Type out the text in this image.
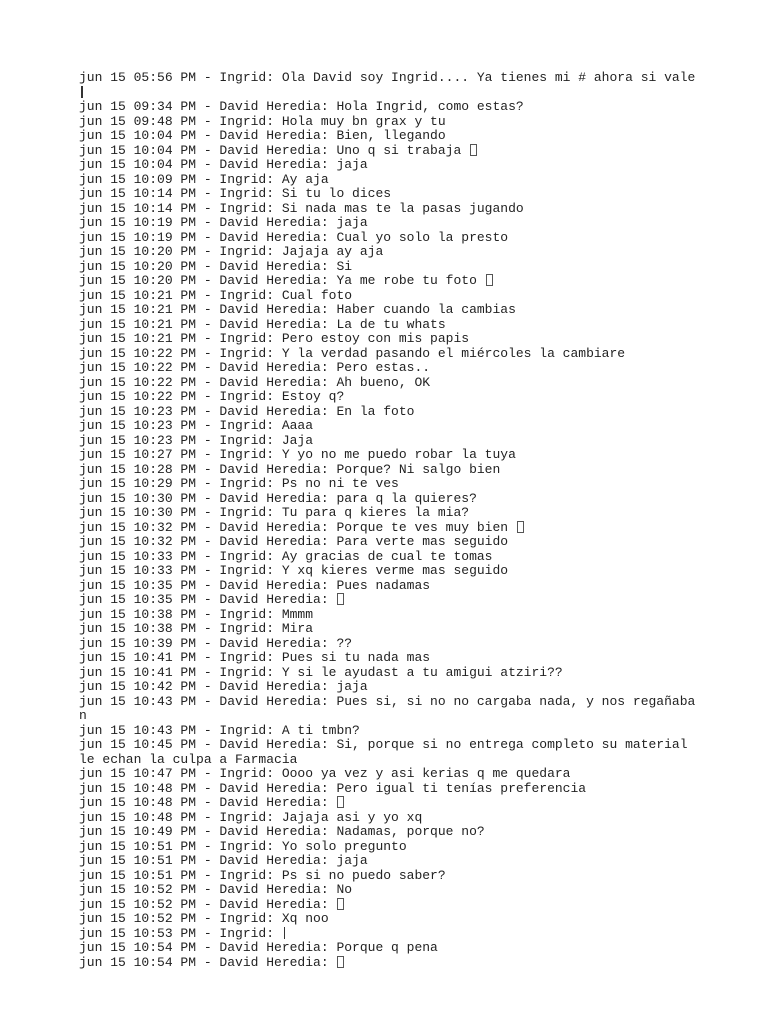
jun 15 05:56 PM - Ingrid: Ola David soy Ingrid.... Ya tienes mi # ahora si vale
jun 15 09:34 PM - David Heredia: Hola Ingrid, como estas?
jun 15 09:48 PM - Ingrid: Hola muy bn grax y tu
jun 15 10:04 PM - David Heredia: Bien, llegando
jun 15 10:04 PM - David Heredia: Uno q si trabaja
jun 15 10:04 PM - David Heredia: jaja
jun 15 10:09 PM - Ingrid: Ay aja
jun 15 10:14 PM - Ingrid: Si tu lo dices
jun 15 10:14 PM - Ingrid: Si nada mas te la pasas jugando
jun 15 10:19 PM - David Heredia: jaja
jun 15 10:19 PM - David Heredia: Cual yo solo la presto
jun 15 10:20 PM - Ingrid: Jajaja ay aja
jun 15 10:20 PM - David Heredia: Si
jun 15 10:20 PM - David Heredia: Ya me robe tu foto
jun 15 10:21 PM - Ingrid: Cual foto
jun 15 10:21 PM - David Heredia: Haber cuando la cambias
jun 15 10:21 PM - David Heredia: La de tu whats
jun 15 10:21 PM - Ingrid: Pero estoy con mis papis
jun 15 10:22 PM - Ingrid: Y la verdad pasando el miércoles la cambiare
jun 15 10:22 PM - David Heredia: Pero estas..
jun 15 10:22 PM - David Heredia: Ah bueno, OK
jun 15 10:22 PM - Ingrid: Estoy q?
jun 15 10:23 PM - David Heredia: En la foto
jun 15 10:23 PM - Ingrid: Aaaa
jun 15 10:23 PM - Ingrid: Jaja
jun 15 10:27 PM - Ingrid: Y yo no me puedo robar la tuya
jun 15 10:28 PM - David Heredia: Porque? Ni salgo bien
jun 15 10:29 PM - Ingrid: Ps no ni te ves
jun 15 10:30 PM - David Heredia: para q la quieres?
jun 15 10:30 PM - Ingrid: Tu para q kieres la mia?
jun 15 10:32 PM - David Heredia: Porque te ves muy bien
jun 15 10:32 PM - David Heredia: Para verte mas seguido
jun 15 10:33 PM - Ingrid: Ay gracias de cual te tomas
jun 15 10:33 PM - Ingrid: Y xq kieres verme mas seguido
jun 15 10:35 PM - David Heredia: Pues nadamas
jun 15 10:35 PM - David Heredia:
jun 15 10:38 PM - Ingrid: Mmmm
jun 15 10:38 PM - Ingrid: Mira
jun 15 10:39 PM - David Heredia: ??
jun 15 10:41 PM - Ingrid: Pues si tu nada mas
jun 15 10:41 PM - Ingrid: Y si le ayudast a tu amigui atziri??
jun 15 10:42 PM - David Heredia: jaja
jun 15 10:43 PM - David Heredia: Pues si, si no no cargaba nada, y nos regañaban
jun 15 10:43 PM - Ingrid: A ti tmbn?
jun 15 10:45 PM - David Heredia: Si, porque si no entrega completo su material le echan la culpa a Farmacia
jun 15 10:47 PM - Ingrid: Oooo ya vez y asi kerias q me quedara
jun 15 10:48 PM - David Heredia: Pero igual ti tenías preferencia
jun 15 10:48 PM - David Heredia:
jun 15 10:48 PM - Ingrid: Jajaja asi y yo xq
jun 15 10:49 PM - David Heredia: Nadamas, porque no?
jun 15 10:51 PM - Ingrid: Yo solo pregunto
jun 15 10:51 PM - David Heredia: jaja
jun 15 10:51 PM - Ingrid: Ps si no puedo saber?
jun 15 10:52 PM - David Heredia: No
jun 15 10:52 PM - David Heredia:
jun 15 10:52 PM - Ingrid: Xq noo
jun 15 10:53 PM - Ingrid:
jun 15 10:54 PM - David Heredia: Porque q pena
jun 15 10:54 PM - David Heredia:
